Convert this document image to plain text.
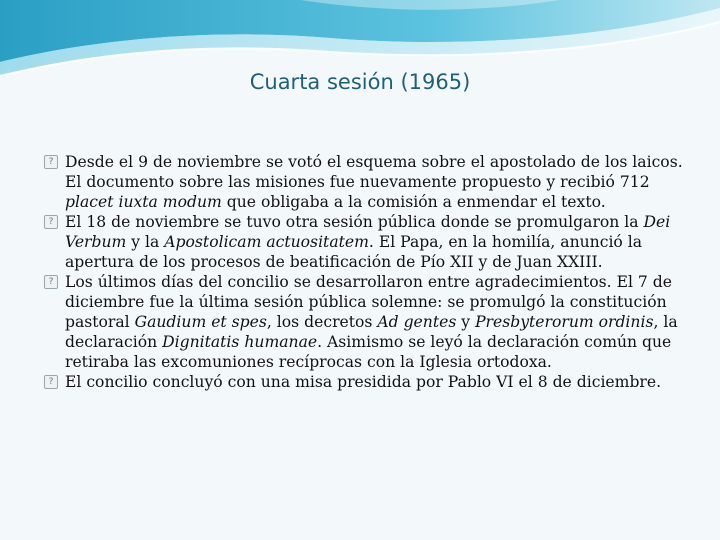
Cuarta sesión (1965)

? Desde el 9 de noviembre se votó el esquema sobre el apostolado de los laicos. El documento sobre las misiones fue nuevamente propuesto y recibió 712 placet iuxta modum que obligaba a la comisión a enmendar el texto.

? El 18 de noviembre se tuvo otra sesión pública donde se promulgaron la Dei Verbum y la Apostolicam actuositatem. El Papa, en la homilía, anunció la apertura de los procesos de beatificación de Pío XII y de Juan XXIII.

? Los últimos días del concilio se desarrollaron entre agradecimientos. El 7 de diciembre fue la última sesión pública solemne: se promulgó la constitución pastoral Gaudium et spes, los decretos Ad gentes y Presbyterorum ordinis, la declaración Dignitatis humanae. Asimismo se leyó la declaración común que retiraba las excomuniones recíprocas con la Iglesia ortodoxa.

? El concilio concluyó con una misa presidida por Pablo VI el 8 de diciembre.
